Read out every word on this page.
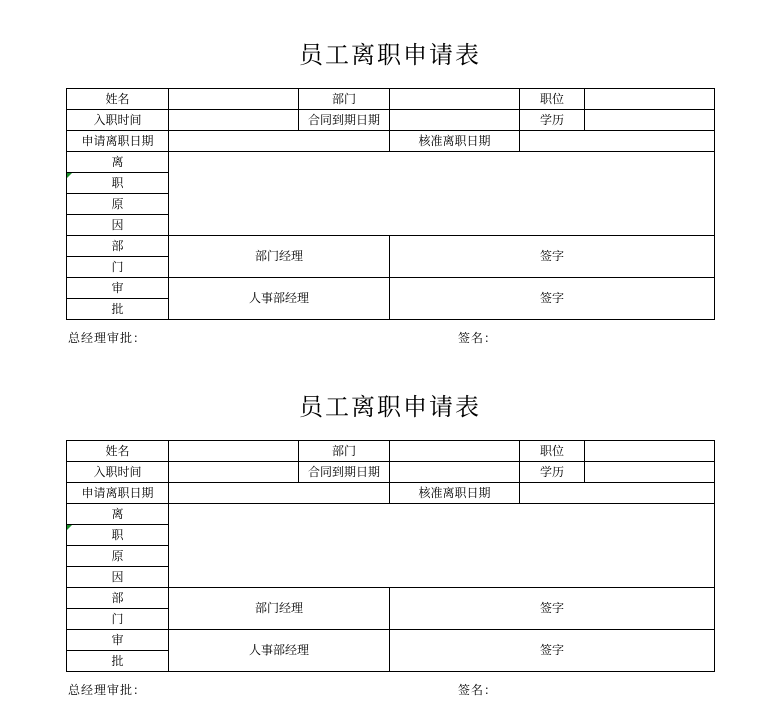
员工离职申请表
姓名		部门		职位	
入职时间		合同到期日期		学历	
申请离职日期			核准离职日期		
离					

职					
原					
因					
部	部门经理		签字		
门					
审	人事部经理		签字		
批					
总经理审批：	签名：
员工离职申请表
姓名		部门		职位	
入职时间		合同到期日期		学历	
申请离职日期			核准离职日期		
离					

职					
原					
因					
部	部门经理		签字		
门					
审	人事部经理		签字		
批					
总经理审批：	签名：
